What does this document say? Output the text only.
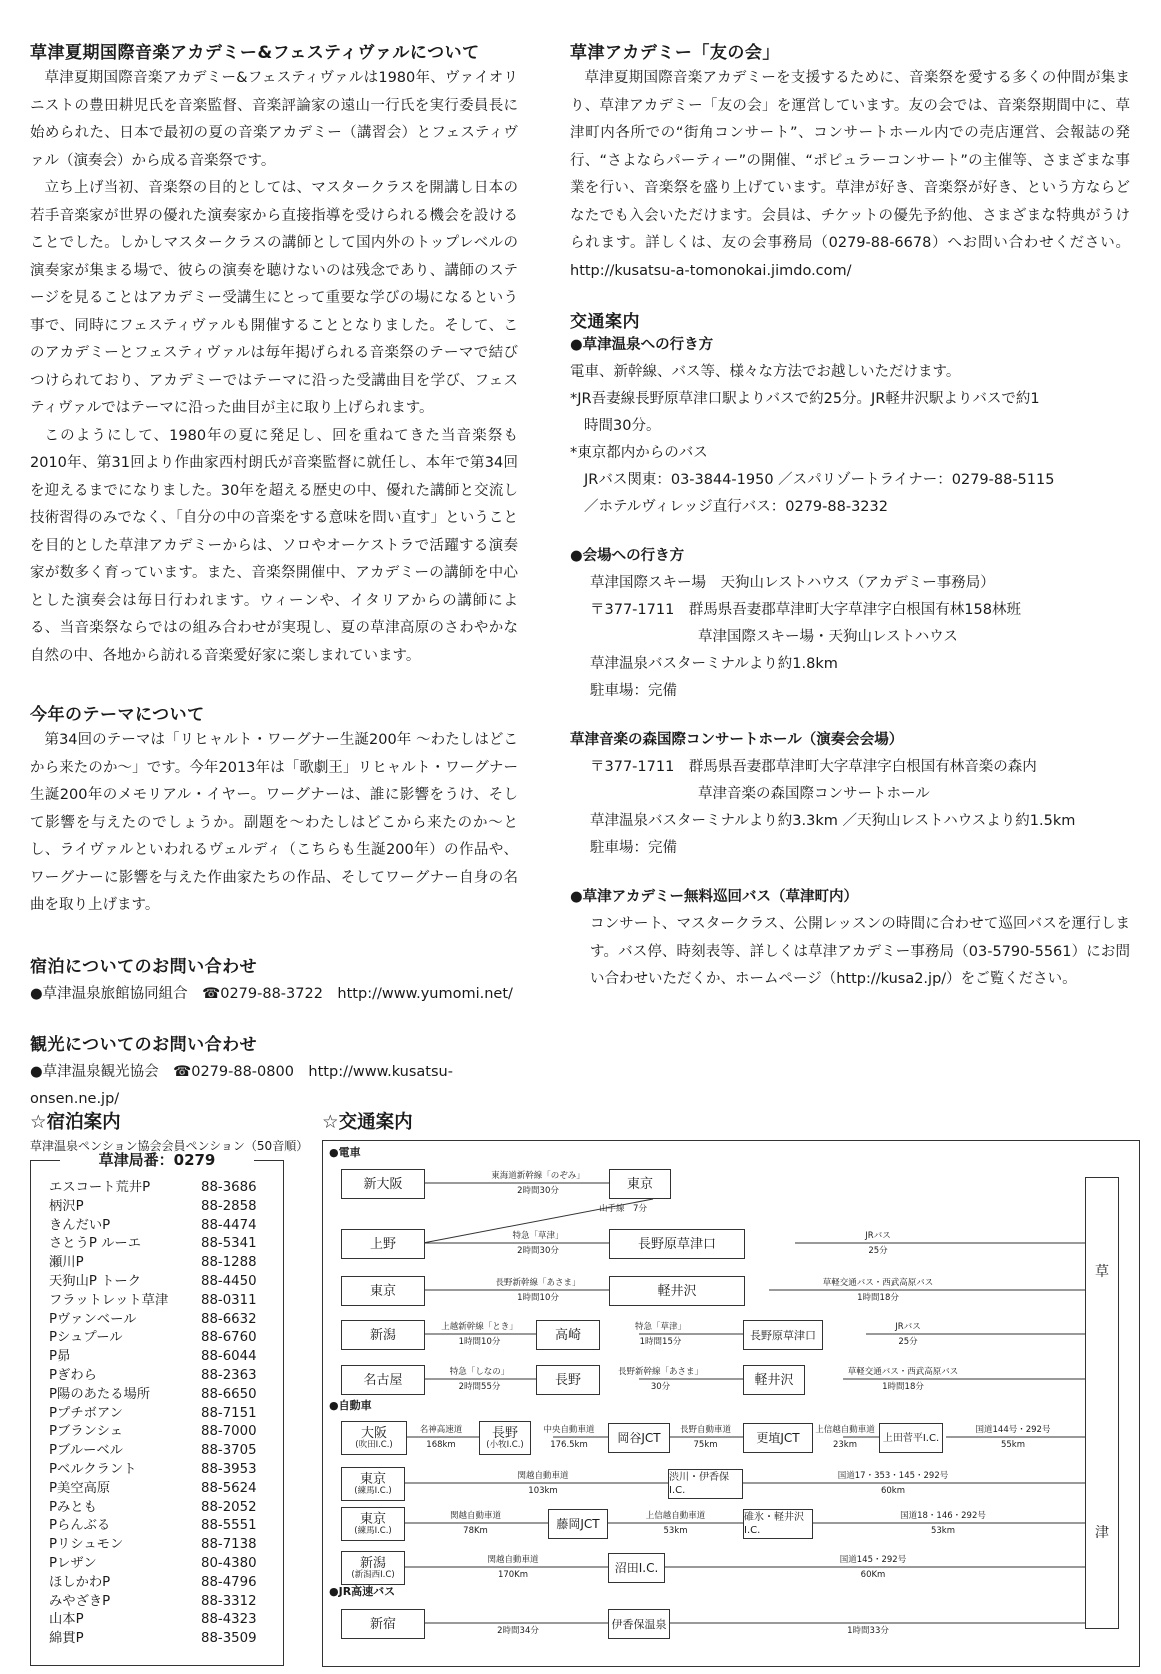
草津夏期国際音楽アカデミー&フェスティヴァルについて

草津夏期国際音楽アカデミー&フェスティヴァルは1980年、ヴァイオリニストの豊田耕児氏を音楽監督、音楽評論家の遠山一行氏を実行委員長に始められた、日本で最初の夏の音楽アカデミー（講習会）とフェスティヴァル（演奏会）から成る音楽祭です。

立ち上げ当初、音楽祭の目的としては、マスタークラスを開講し日本の若手音楽家が世界の優れた演奏家から直接指導を受けられる機会を設けることでした。しかしマスタークラスの講師として国内外のトップレベルの演奏家が集まる場で、彼らの演奏を聴けないのは残念であり、講師のステージを見ることはアカデミー受講生にとって重要な学びの場になるという事で、同時にフェスティヴァルも開催することとなりました。そして、このアカデミーとフェスティヴァルは毎年掲げられる音楽祭のテーマで結びつけられており、アカデミーではテーマに沿った受講曲目を学び、フェスティヴァルではテーマに沿った曲目が主に取り上げられます。

このようにして、1980年の夏に発足し、回を重ねてきた当音楽祭も2010年、第31回より作曲家西村朗氏が音楽監督に就任し、本年で第34回を迎えるまでになりました。30年を超える歴史の中、優れた講師と交流し技術習得のみでなく、「自分の中の音楽をする意味を問い直す」ということを目的とした草津アカデミーからは、ソロやオーケストラで活躍する演奏家が数多く育っています。また、音楽祭開催中、アカデミーの講師を中心とした演奏会は毎日行われます。ウィーンや、イタリアからの講師による、当音楽祭ならではの組み合わせが実現し、夏の草津高原のさわやかな自然の中、各地から訪れる音楽愛好家に楽しまれています。

今年のテーマについて

第34回のテーマは「リヒャルト・ワーグナー生誕200年 〜わたしはどこから来たのか〜」です。今年2013年は「歌劇王」リヒャルト・ワーグナー生誕200年のメモリアル・イヤー。ワーグナーは、誰に影響をうけ、そして影響を与えたのでしょうか。副題を〜わたしはどこから来たのか〜とし、ライヴァルといわれるヴェルディ（こちらも生誕200年）の作品や、ワーグナーに影響を与えた作曲家たちの作品、そしてワーグナー自身の名曲を取り上げます。

宿泊についてのお問い合わせ

●草津温泉旅館協同組合　☎0279-88-3722　http://www.yumomi.net/

観光についてのお問い合わせ

●草津温泉観光協会　☎0279-88-0800　http://www.kusatsu-onsen.ne.jp/

草津アカデミー「友の会」

草津夏期国際音楽アカデミーを支援するために、音楽祭を愛する多くの仲間が集まり、草津アカデミー「友の会」を運営しています。友の会では、音楽祭期間中に、草津町内各所での“街角コンサート”、コンサートホール内での売店運営、会報誌の発行、“さよならパーティー”の開催、“ポピュラーコンサート”の主催等、さまざまな事業を行い、音楽祭を盛り上げています。草津が好き、音楽祭が好き、という方ならどなたでも入会いただけます。会員は、チケットの優先予約他、さまざまな特典がうけられます。詳しくは、友の会事務局（0279-88-6678）へお問い合わせください。 http://kusatsu-a-tomonokai.jimdo.com/

交通案内

●草津温泉への行き方

電車、新幹線、バス等、様々な方法でお越しいただけます。

*JR吾妻線長野原草津口駅よりバスで約25分。JR軽井沢駅よりバスで約1

時間30分。

*東京都内からのバス

JRバス関東：03-3844-1950 ／スパリゾートライナー：0279-88-5115

／ホテルヴィレッジ直行バス：0279-88-3232

●会場への行き方

草津国際スキー場　天狗山レストハウス（アカデミー事務局）

〒377-1711　群馬県吾妻郡草津町大字草津字白根国有林158林班

草津国際スキー場・天狗山レストハウス

草津温泉バスターミナルより約1.8km

駐車場：完備

草津音楽の森国際コンサートホール（演奏会会場）

〒377-1711　群馬県吾妻郡草津町大字草津字白根国有林音楽の森内

草津音楽の森国際コンサートホール

草津温泉バスターミナルより約3.3km ／天狗山レストハウスより約1.5km

駐車場：完備

●草津アカデミー無料巡回バス（草津町内）

コンサート、マスタークラス、公開レッスンの時間に合わせて巡回バスを運行します。バス停、時刻表等、詳しくは草津アカデミー事務局（03-5790-5561）にお問い合わせいただくか、ホームページ（http://kusa2.jp/）をご覧ください。

☆宿泊案内
草津温泉ペンション協会会員ペンション（50音順）
草津局番：0279
エスコート荒井P	88-3686
柄沢P	88-2858
きんだいP	88-4474
さとうP ルーエ	88-5341
瀬川P	88-1288
天狗山P トーク	88-4450
フラットレット草津 88-0311
Pヴァンベール	88-6632
Pシュプール	88-6760
P昴	88-6044
Pぎわら	88-2363
P陽のあたる場所	88-6650
Pプチボアン	88-7151
Pブランシェ	88-7000
Pブルーベル	88-3705
Pベルクラント	88-3953
P美空高原	88-5624
Pみとも	88-2052
Pらんぶる	88-5551
Pリシュモン	88-7138
Pレザン	80-4380
ほしかわP	88-4796
みやざきP	88-3312
山本P	88-4323
綿貫P	88-3509
☆交通案内
●電車
●自動車
●JR高速バス
草
津
新大阪
東海道新幹線「のぞみ」
2時間30分	東京
山手線　7分
上野
特急「草津」
2時間30分	長野原草津口
JRバス
25分
東京
長野新幹線「あさま」
1時間10分	軽井沢
草軽交通バス・西武高原バス
1時間18分
新潟
上越新幹線「とき」
1時間10分	高崎
特急「草津」
1時間15分
長野原草津口
JRバス
25分
名古屋
特急「しなの」
2時間55分	長野
長野新幹線「あさま」
30分	軽井沢
草軽交通バス・西武高原バス
1時間18分
大阪
(吹田I.C.)
名神高速道
168km
長野
(小牧I.C.)
中央自動車道
176.5km
岡谷JCT
長野自動車道
75km
更埴JCT
上信越自動車道
23km
上田菅平I.C.
国道144号・292号
55km
東京
(練馬I.C.)
関越自動車道
103km
渋川・伊香保I.C.
国道17・353・145・292号
60km
東京
(練馬I.C.)
関越自動車道
78Km
藤岡JCT
上信越自動車道
53km
碓氷・軽井沢I.C.
国道18・146・292号
53km
新潟
(新潟西I.C)
関越自動車道
170Km
沼田I.C.
国道145・292号
60Km
新宿	2時間34分
伊香保温泉
1時間33分
